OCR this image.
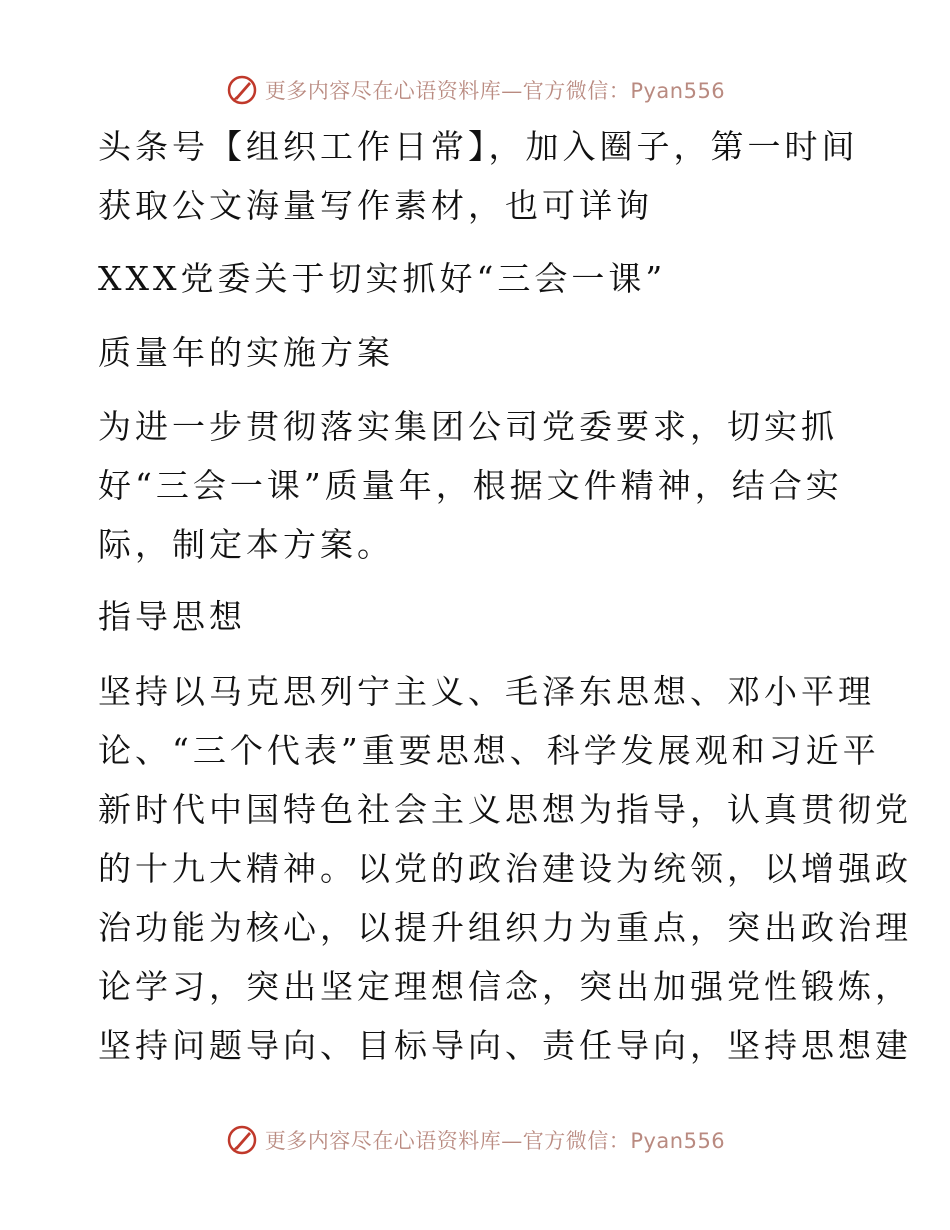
更多内容尽在心语资料库—官方微信：Pyan556
头条号【组织工作日常】，加入圈子，第一时间
获取公文海量写作素材，也可详询
XXX党委关于切实抓好“三会一课”
质量年的实施方案
为进一步贯彻落实集团公司党委要求，切实抓
好“三会一课”质量年，根据文件精神，结合实
际，制定本方案。
指导思想
坚持以马克思列宁主义、毛泽东思想、邓小平理
论、“三个代表”重要思想、科学发展观和习近平
新时代中国特色社会主义思想为指导，认真贯彻党
的十九大精神。以党的政治建设为统领，以增强政
治功能为核心，以提升组织力为重点，突出政治理
论学习，突出坚定理想信念，突出加强党性锻炼，
坚持问题导向、目标导向、责任导向，坚持思想建
更多内容尽在心语资料库—官方微信：Pyan556
